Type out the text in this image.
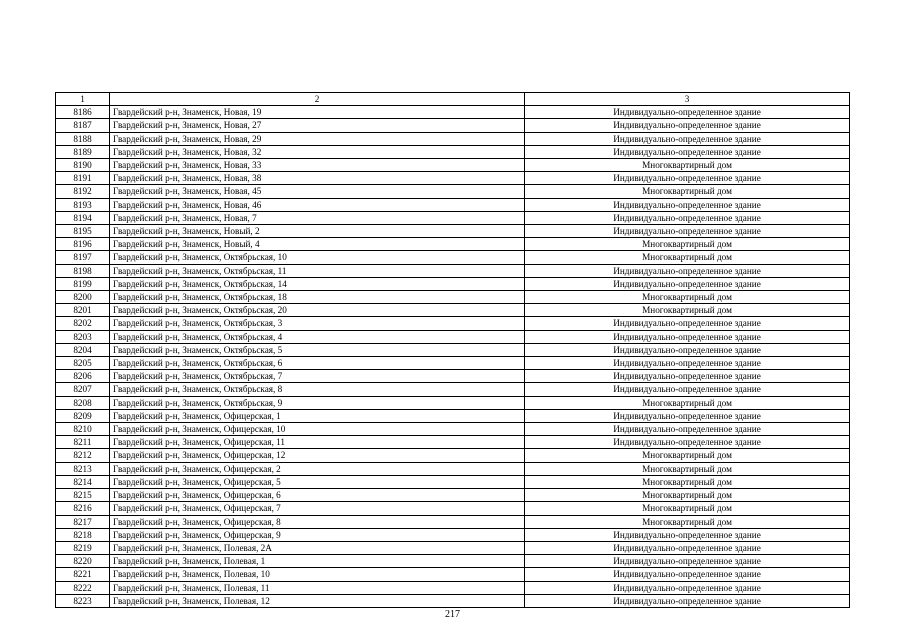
1	2	3
8186	Гвардейский р-н, Знаменск, Новая, 19	Индивидуально-определенное здание
8187	Гвардейский р-н, Знаменск, Новая, 27	Индивидуально-определенное здание
8188	Гвардейский р-н, Знаменск, Новая, 29	Индивидуально-определенное здание
8189	Гвардейский р-н, Знаменск, Новая, 32	Индивидуально-определенное здание
8190	Гвардейский р-н, Знаменск, Новая, 33	Многоквартирный дом
8191	Гвардейский р-н, Знаменск, Новая, 38	Индивидуально-определенное здание
8192	Гвардейский р-н, Знаменск, Новая, 45	Многоквартирный дом
8193	Гвардейский р-н, Знаменск, Новая, 46	Индивидуально-определенное здание
8194	Гвардейский р-н, Знаменск, Новая, 7	Индивидуально-определенное здание
8195	Гвардейский р-н, Знаменск, Новый, 2	Индивидуально-определенное здание
8196	Гвардейский р-н, Знаменск, Новый, 4	Многоквартирный дом
8197	Гвардейский р-н, Знаменск, Октябрьская, 10	Многоквартирный дом
8198	Гвардейский р-н, Знаменск, Октябрьская, 11	Индивидуально-определенное здание
8199	Гвардейский р-н, Знаменск, Октябрьская, 14	Индивидуально-определенное здание
8200	Гвардейский р-н, Знаменск, Октябрьская, 18	Многоквартирный дом
8201	Гвардейский р-н, Знаменск, Октябрьская, 20	Многоквартирный дом
8202	Гвардейский р-н, Знаменск, Октябрьская, 3	Индивидуально-определенное здание
8203	Гвардейский р-н, Знаменск, Октябрьская, 4	Индивидуально-определенное здание
8204	Гвардейский р-н, Знаменск, Октябрьская, 5	Индивидуально-определенное здание
8205	Гвардейский р-н, Знаменск, Октябрьская, 6	Индивидуально-определенное здание
8206	Гвардейский р-н, Знаменск, Октябрьская, 7	Индивидуально-определенное здание
8207	Гвардейский р-н, Знаменск, Октябрьская, 8	Индивидуально-определенное здание
8208	Гвардейский р-н, Знаменск, Октябрьская, 9	Многоквартирный дом
8209	Гвардейский р-н, Знаменск, Офицерская, 1	Индивидуально-определенное здание
8210	Гвардейский р-н, Знаменск, Офицерская, 10	Индивидуально-определенное здание
8211	Гвардейский р-н, Знаменск, Офицерская, 11	Индивидуально-определенное здание
8212	Гвардейский р-н, Знаменск, Офицерская, 12	Многоквартирный дом
8213	Гвардейский р-н, Знаменск, Офицерская, 2	Многоквартирный дом
8214	Гвардейский р-н, Знаменск, Офицерская, 5	Многоквартирный дом
8215	Гвардейский р-н, Знаменск, Офицерская, 6	Многоквартирный дом
8216	Гвардейский р-н, Знаменск, Офицерская, 7	Многоквартирный дом
8217	Гвардейский р-н, Знаменск, Офицерская, 8	Многоквартирный дом
8218	Гвардейский р-н, Знаменск, Офицерская, 9	Индивидуально-определенное здание
8219	Гвардейский р-н, Знаменск, Полевая, 2А	Индивидуально-определенное здание
8220	Гвардейский р-н, Знаменск, Полевая, 1	Индивидуально-определенное здание
8221	Гвардейский р-н, Знаменск, Полевая, 10	Индивидуально-определенное здание
8222	Гвардейский р-н, Знаменск, Полевая, 11	Индивидуально-определенное здание
8223	Гвардейский р-н, Знаменск, Полевая, 12	Индивидуально-определенное здание
217
